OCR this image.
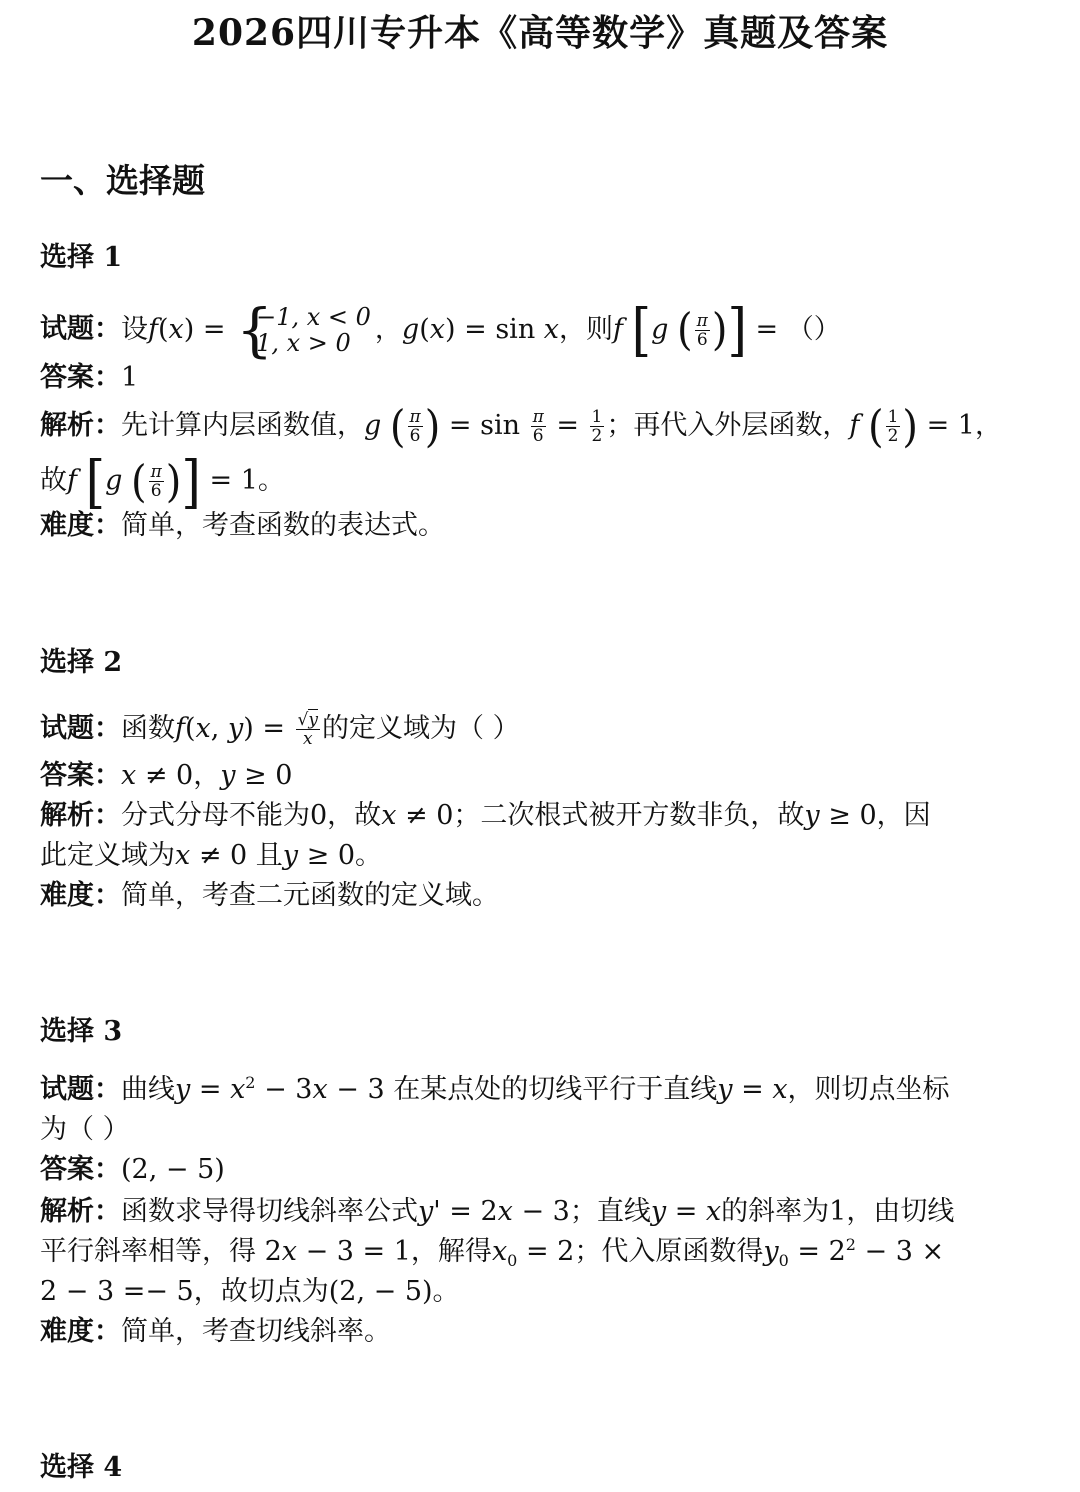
2026四川专升本《高等数学》真题及答案
一、选择题
选择 1
试题：设f(x) = {
−1, x < 0
1, x > 0 ，g(x) = sin x，则f [g ( $\frac{\pi}{6}$ )] = （）
答案：1
解析：先计算内层函数值，g ( $\frac{\pi}{6}$ ) = $\sin \frac{\pi}{6} = \frac{1}{2}$ ；再代入外层函数，f ( $\frac{1}{2}$ ) = 1，
故f [g ( $\frac{\pi}{6}$ )] = 1。
难度：简单，考查函数的表达式。
选择 2
试题：函数f(x, $y) = \frac{√y}{x}$ 的定义域为（ ）
答案：x ≠ 0，y ≥ 0
解析：分式分母不能为0，故x ≠ 0；二次根式被开方数非负，故y ≥ 0，因
此定义域为x ≠ 0 且y ≥ 0。
难度：简单，考查二元函数的定义域。
选择 3
试题：曲线$y = x^2 - 3x - 3$ 在某点处的切线平行于直线y = x，则切点坐标
为（ ）
答案：(2, − 5)
解析：函数求导得切线斜率公式y' = 2x − 3；直线y = x的斜率为1，由切线
平行斜率相等，得 2x − 3 = 1，解得$x_0 = 2$；代入原函数得$y_0 = 2^2 - 3$ ×
2 − 3 =− 5，故切点为(2, − 5)。
难度：简单，考查切线斜率。
选择 4
